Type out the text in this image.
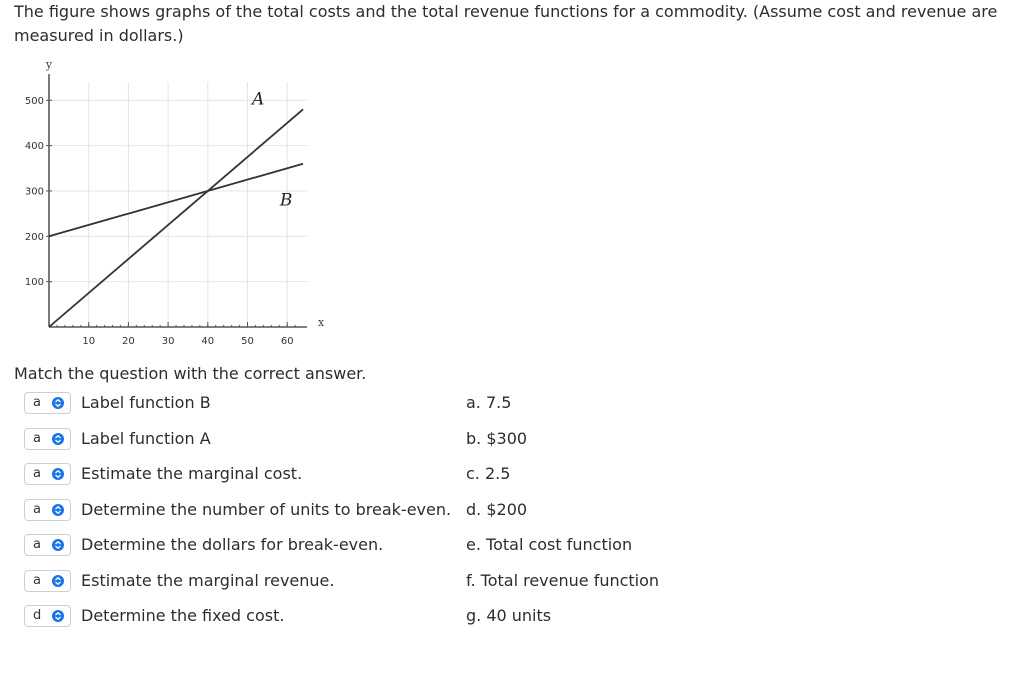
The figure shows graphs of the total costs and the total revenue functions for a commodity. (Assume cost and revenue are measured in dollars.)
10	20	30	40	50	60
100
200
300
400
500
y
x
A
B
Match the question with the correct answer.
a	Label function B
a	Label function A
a	Estimate the marginal cost.
a	Determine the number of units to break-even.
a	Determine the dollars for break-even.
a	Estimate the marginal revenue.
d Determine the fixed cost.
a. 7.5
b. $300
c. 2.5
d. $200
e. Total cost function
f. Total revenue function
g. 40 units
